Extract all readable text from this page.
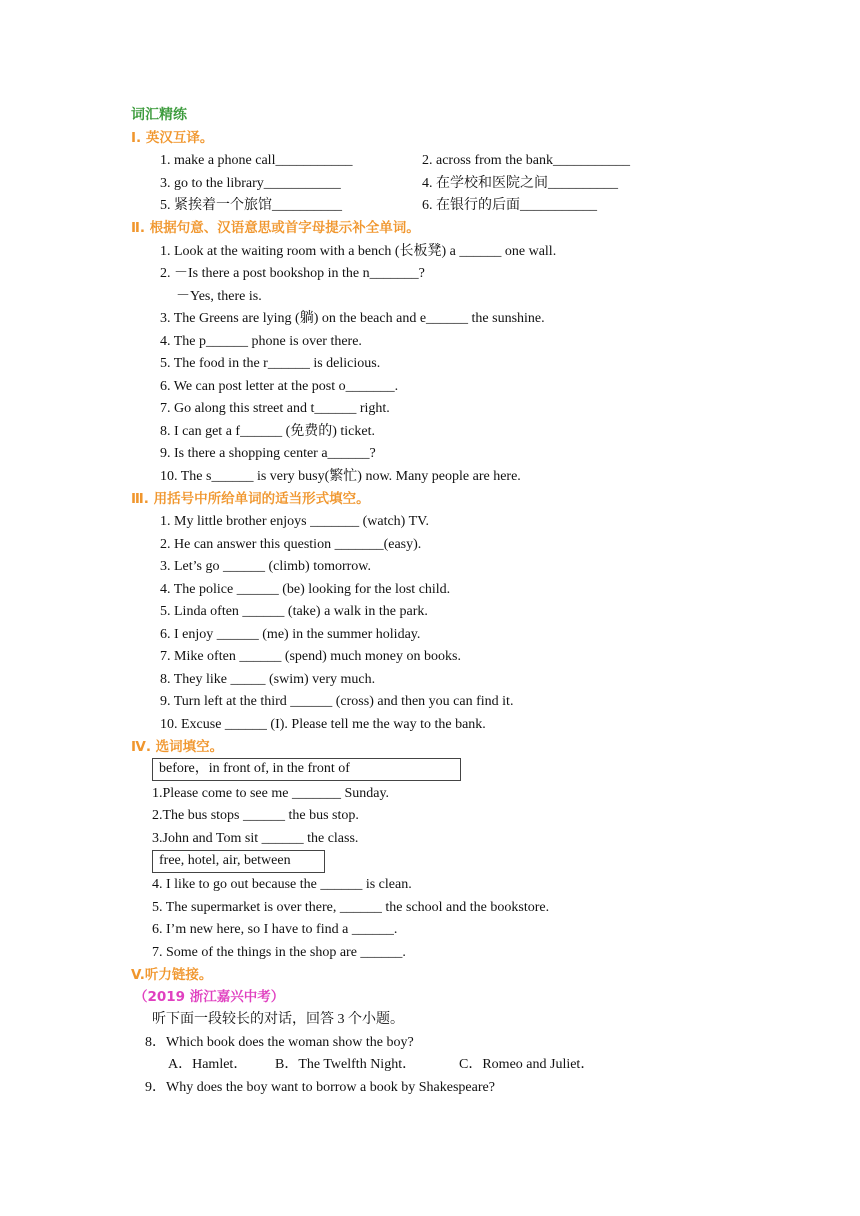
词汇精练
Ⅰ. 英汉互译。
1. make a phone call___________	2. across from the bank___________
3. go to the library___________	4. 在学校和医院之间__________
5. 紧挨着一个旅馆__________	6. 在银行的后面___________
Ⅱ. 根据句意、汉语意思或首字母提示补全单词。
1. Look at the waiting room with a bench (长板凳) a ______ one wall.
2. －Is there a post bookshop in the n_______?
－Yes, there is.
3. The Greens are lying (躺) on the beach and e______ the sunshine.
4. The p______ phone is over there.
5. The food in the r______ is delicious.
6. We can post letter at the post o_______.
7. Go along this street and t______ right.
8. I can get a f______ (免费的) ticket.
9. Is there a shopping center a______?
10. The s______ is very busy(繁忙) now. Many people are here.
Ⅲ. 用括号中所给单词的适当形式填空。
1. My little brother enjoys _______ (watch) TV.
2. He can answer this question _______(easy).
3. Let’s go ______ (climb) tomorrow.
4. The police ______ (be) looking for the lost child.
5. Linda often ______ (take) a walk in the park.
6. I enjoy ______ (me) in the summer holiday.
7. Mike often ______ (spend) much money on books.
8. They like _____ (swim) very much.
9. Turn left at the third ______ (cross) and then you can find it.
10. Excuse ______ (I). Please tell me the way to the bank.
Ⅳ. 选词填空。
before，in front of, in the front of
1.Please come to see me _______ Sunday.
2.The bus stops ______ the bus stop.
3.John and Tom sit ______ the class.
free, hotel, air, between
4. I like to go out because the ______ is clean.
5. The supermarket is over there, ______ the school and the bookstore.
6. I’m new here, so I have to find a ______.
7. Some of the things in the shop are ______.
V.听力链接。
（2019 浙江嘉兴中考）
听下面一段较长的对话，回答 3 个小题。
8．Which book does the woman show the boy?
A．Hamlet． B．The Twelfth Night．	C．Romeo and Juliet．
9．Why does the boy want to borrow a book by Shakespeare?
